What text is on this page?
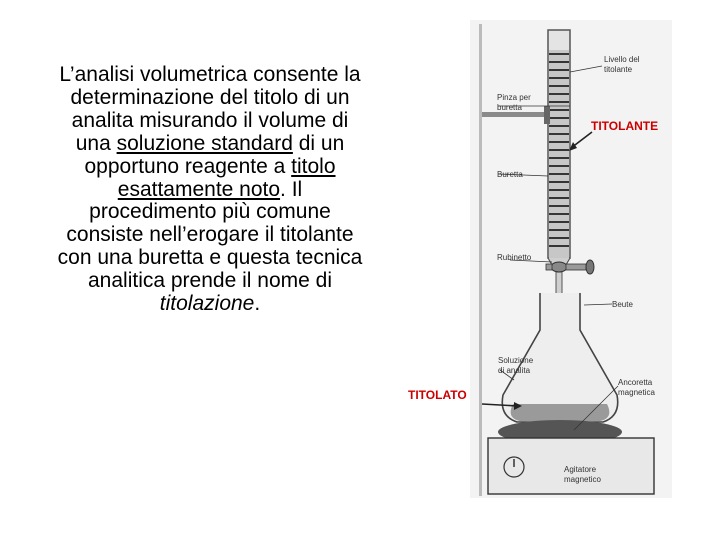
L’analisi volumetrica consente la determinazione del titolo di un analita misurando il volume di una soluzione standard di un opportuno reagente a titolo esattamente noto. Il procedimento più comune consiste nell’erogare il titolante con una buretta e questa tecnica analitica prende il nome di titolazione.
Livello del titolante
Pinza per buretta
Buretta
Rubinetto
Beute
Soluzione di analita
Ancoretta magnetica
Agitatore magnetico
TITOLANTE
TITOLATO
